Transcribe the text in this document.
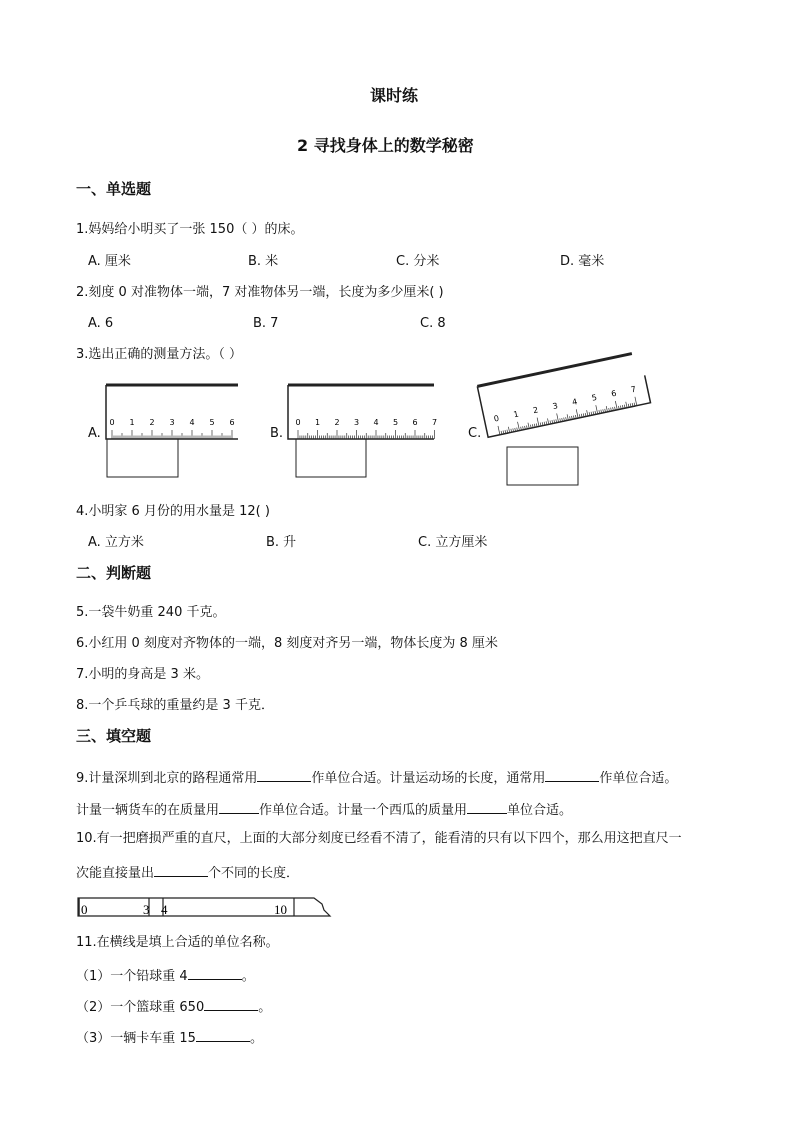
课时练
2 寻找身体上的数学秘密
一、单选题
1.妈妈给小明买了一张 150（ ）的床。
A. 厘米	B. 米	C. 分米	D. 毫米
2.刻度 0 对准物体一端，7 对准物体另一端，长度为多少厘米( )
A. 6	B. 7	C. 8
3.选出正确的测量方法。（ ）
A.
0 1 2 3 4 5 6
B.
0 1 2 3 4 5 6 7
C.
0 1 2 3 4 5 6 7
4.小明家 6 月份的用水量是 12( )
A. 立方米	B. 升	C. 立方厘米
二、判断题
5.一袋牛奶重 240 千克。
6.小红用 0 刻度对齐物体的一端，8 刻度对齐另一端，物体长度为 8 厘米
7.小明的身高是 3 米。
8.一个乒乓球的重量约是 3 千克．
三、填空题
9.计量深圳到北京的路程通常用	作单位合适。计量运动场的长度，通常用	作单位合适。
计量一辆货车的在质量用	作单位合适。计量一个西瓜的质量用	单位合适。
10.有一把磨损严重的直尺，上面的大部分刻度已经看不清了，能看清的只有以下四个，那么用这把直尺一
次能直接量出	个不同的长度．
0	3 4	10
11.在横线是填上合适的单位名称。
（1）一个铅球重 4	。
（2）一个篮球重 650	。
（3）一辆卡车重 15	。
